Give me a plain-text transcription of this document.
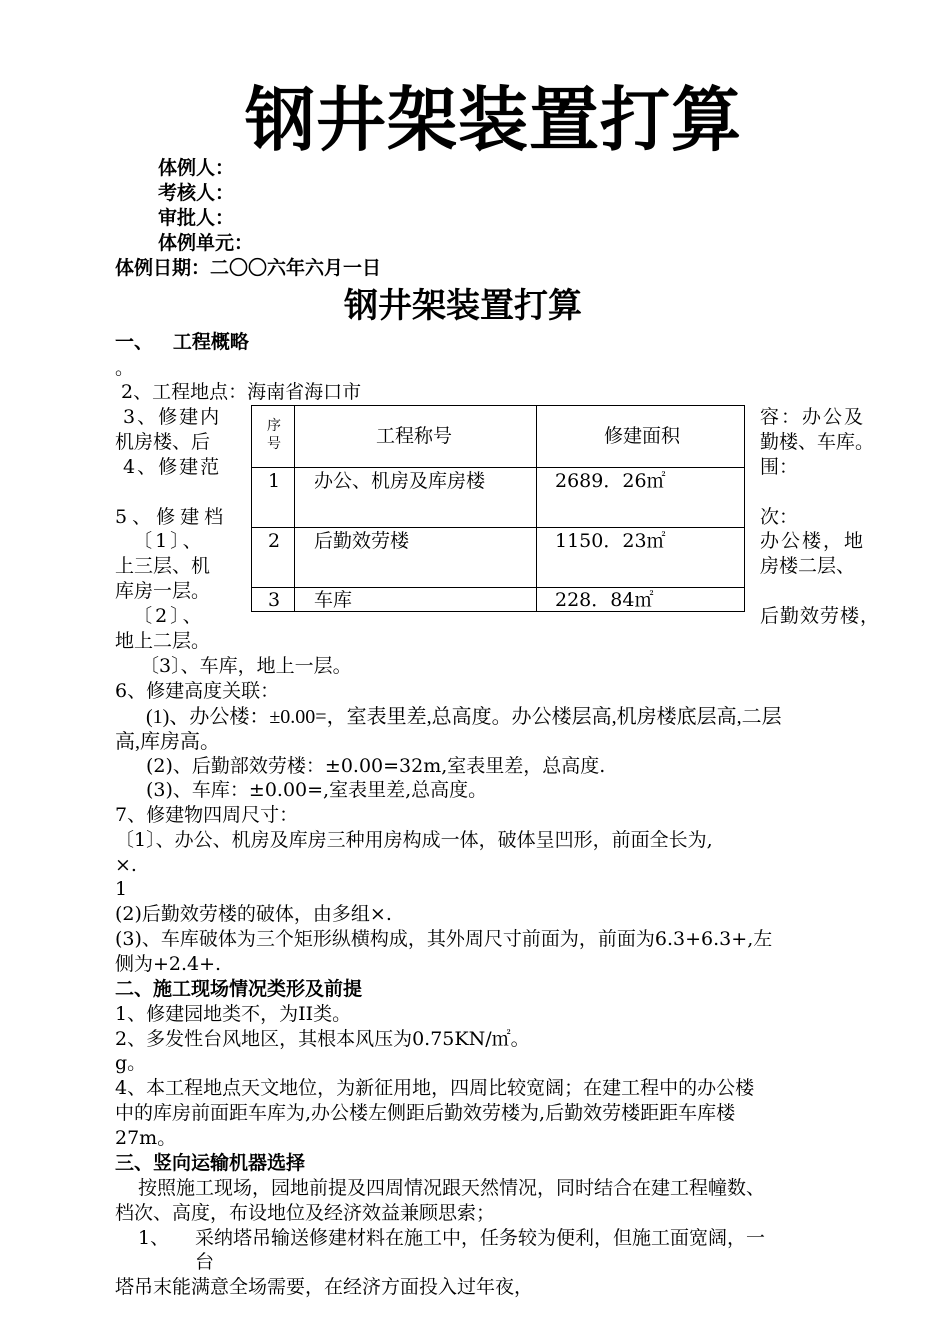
钢井架装置打算
体例人：
考核人：
审批人：
体例单元：
体例日期：二〇〇六年六月一日
钢井架装置打算
一、   工程概略
。
2、工程地点：海南省海口市
3、修建内	容：办公及
机房楼、后	勤楼、车库。
4、修建范	围：
5、修建档	次：
〔1〕、	办公楼，地
上三层、机	房楼二层、
库房一层。
〔2〕、	后勤效劳楼，
地上二层。
序号	工程称号	修建面积
1 办公、机房及库房楼	2689．26㎡
2 后勤效劳楼	1150．23㎡
3 车库	228．84㎡
〔3〕、车库，地上一层。
6、修建高度关联：
(1)、办公楼：±0.00=，室表里差,总高度。办公楼层高,机房楼底层高,二层
高,库房高。
(2)、后勤部效劳楼：±0.00=32m,室表里差，总高度.
(3)、车库：±0.00=,室表里差,总高度。
7、修建物四周尺寸：
〔1〕、办公、机房及库房三种用房构成一体，破体呈凹形，前面全长为,
×.
1
(2)后勤效劳楼的破体，由多组×.
(3)、车库破体为三个矩形纵横构成，其外周尺寸前面为，前面为6.3+6.3+,左
侧为+2.4+.
二、施工现场情况类形及前提
1、修建园地类不，为II类。
2、多发性台风地区，其根本风压为0.75KN/㎡。
g。
4、本工程地点天文地位，为新征用地，四周比较宽阔；在建工程中的办公楼
中的库房前面距车库为,办公楼左侧距后勤效劳楼为,后勤效劳楼距距车库楼
27m。
三、竖向运输机器选择
按照施工现场，园地前提及四周情况跟天然情况，同时结合在建工程幢数、
档次、高度，布设地位及经济效益兼顾思索；
1、 采纳塔吊输送修建材料在施工中，任务较为便利，但施工面宽阔，一
台
塔吊末能满意全场需要，在经济方面投入过年夜，
